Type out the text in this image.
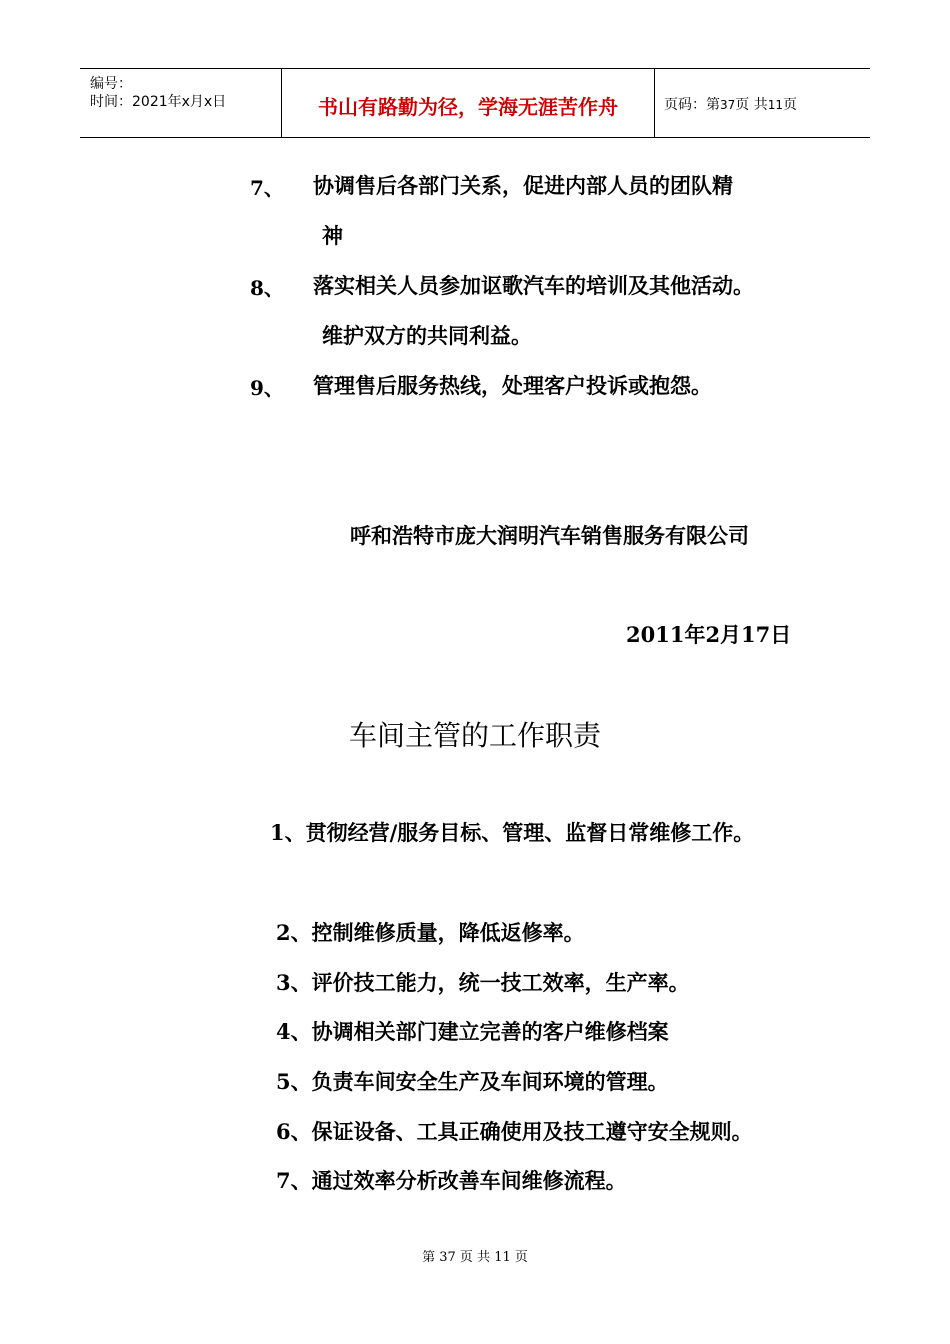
编号：
时间：2021年x月x日	书山有路勤为径，学海无涯苦作舟	页码：第37页 共11页
7、 协调售后各部门关系，促进内部人员的团队精
神
8、 落实相关人员参加讴歌汽车的培训及其他活动。
维护双方的共同利益。
9、 管理售后服务热线，处理客户投诉或抱怨。
呼和浩特市庞大润明汽车销售服务有限公司
2011年2月17日
车间主管的工作职责
1、贯彻经营/服务目标、管理、监督日常维修工作。
2、控制维修质量，降低返修率。
3、评价技工能力，统一技工效率，生产率。
4、协调相关部门建立完善的客户维修档案
5、负责车间安全生产及车间环境的管理。
6、保证设备、工具正确使用及技工遵守安全规则。
7、通过效率分析改善车间维修流程。
第 37 页 共 11 页
